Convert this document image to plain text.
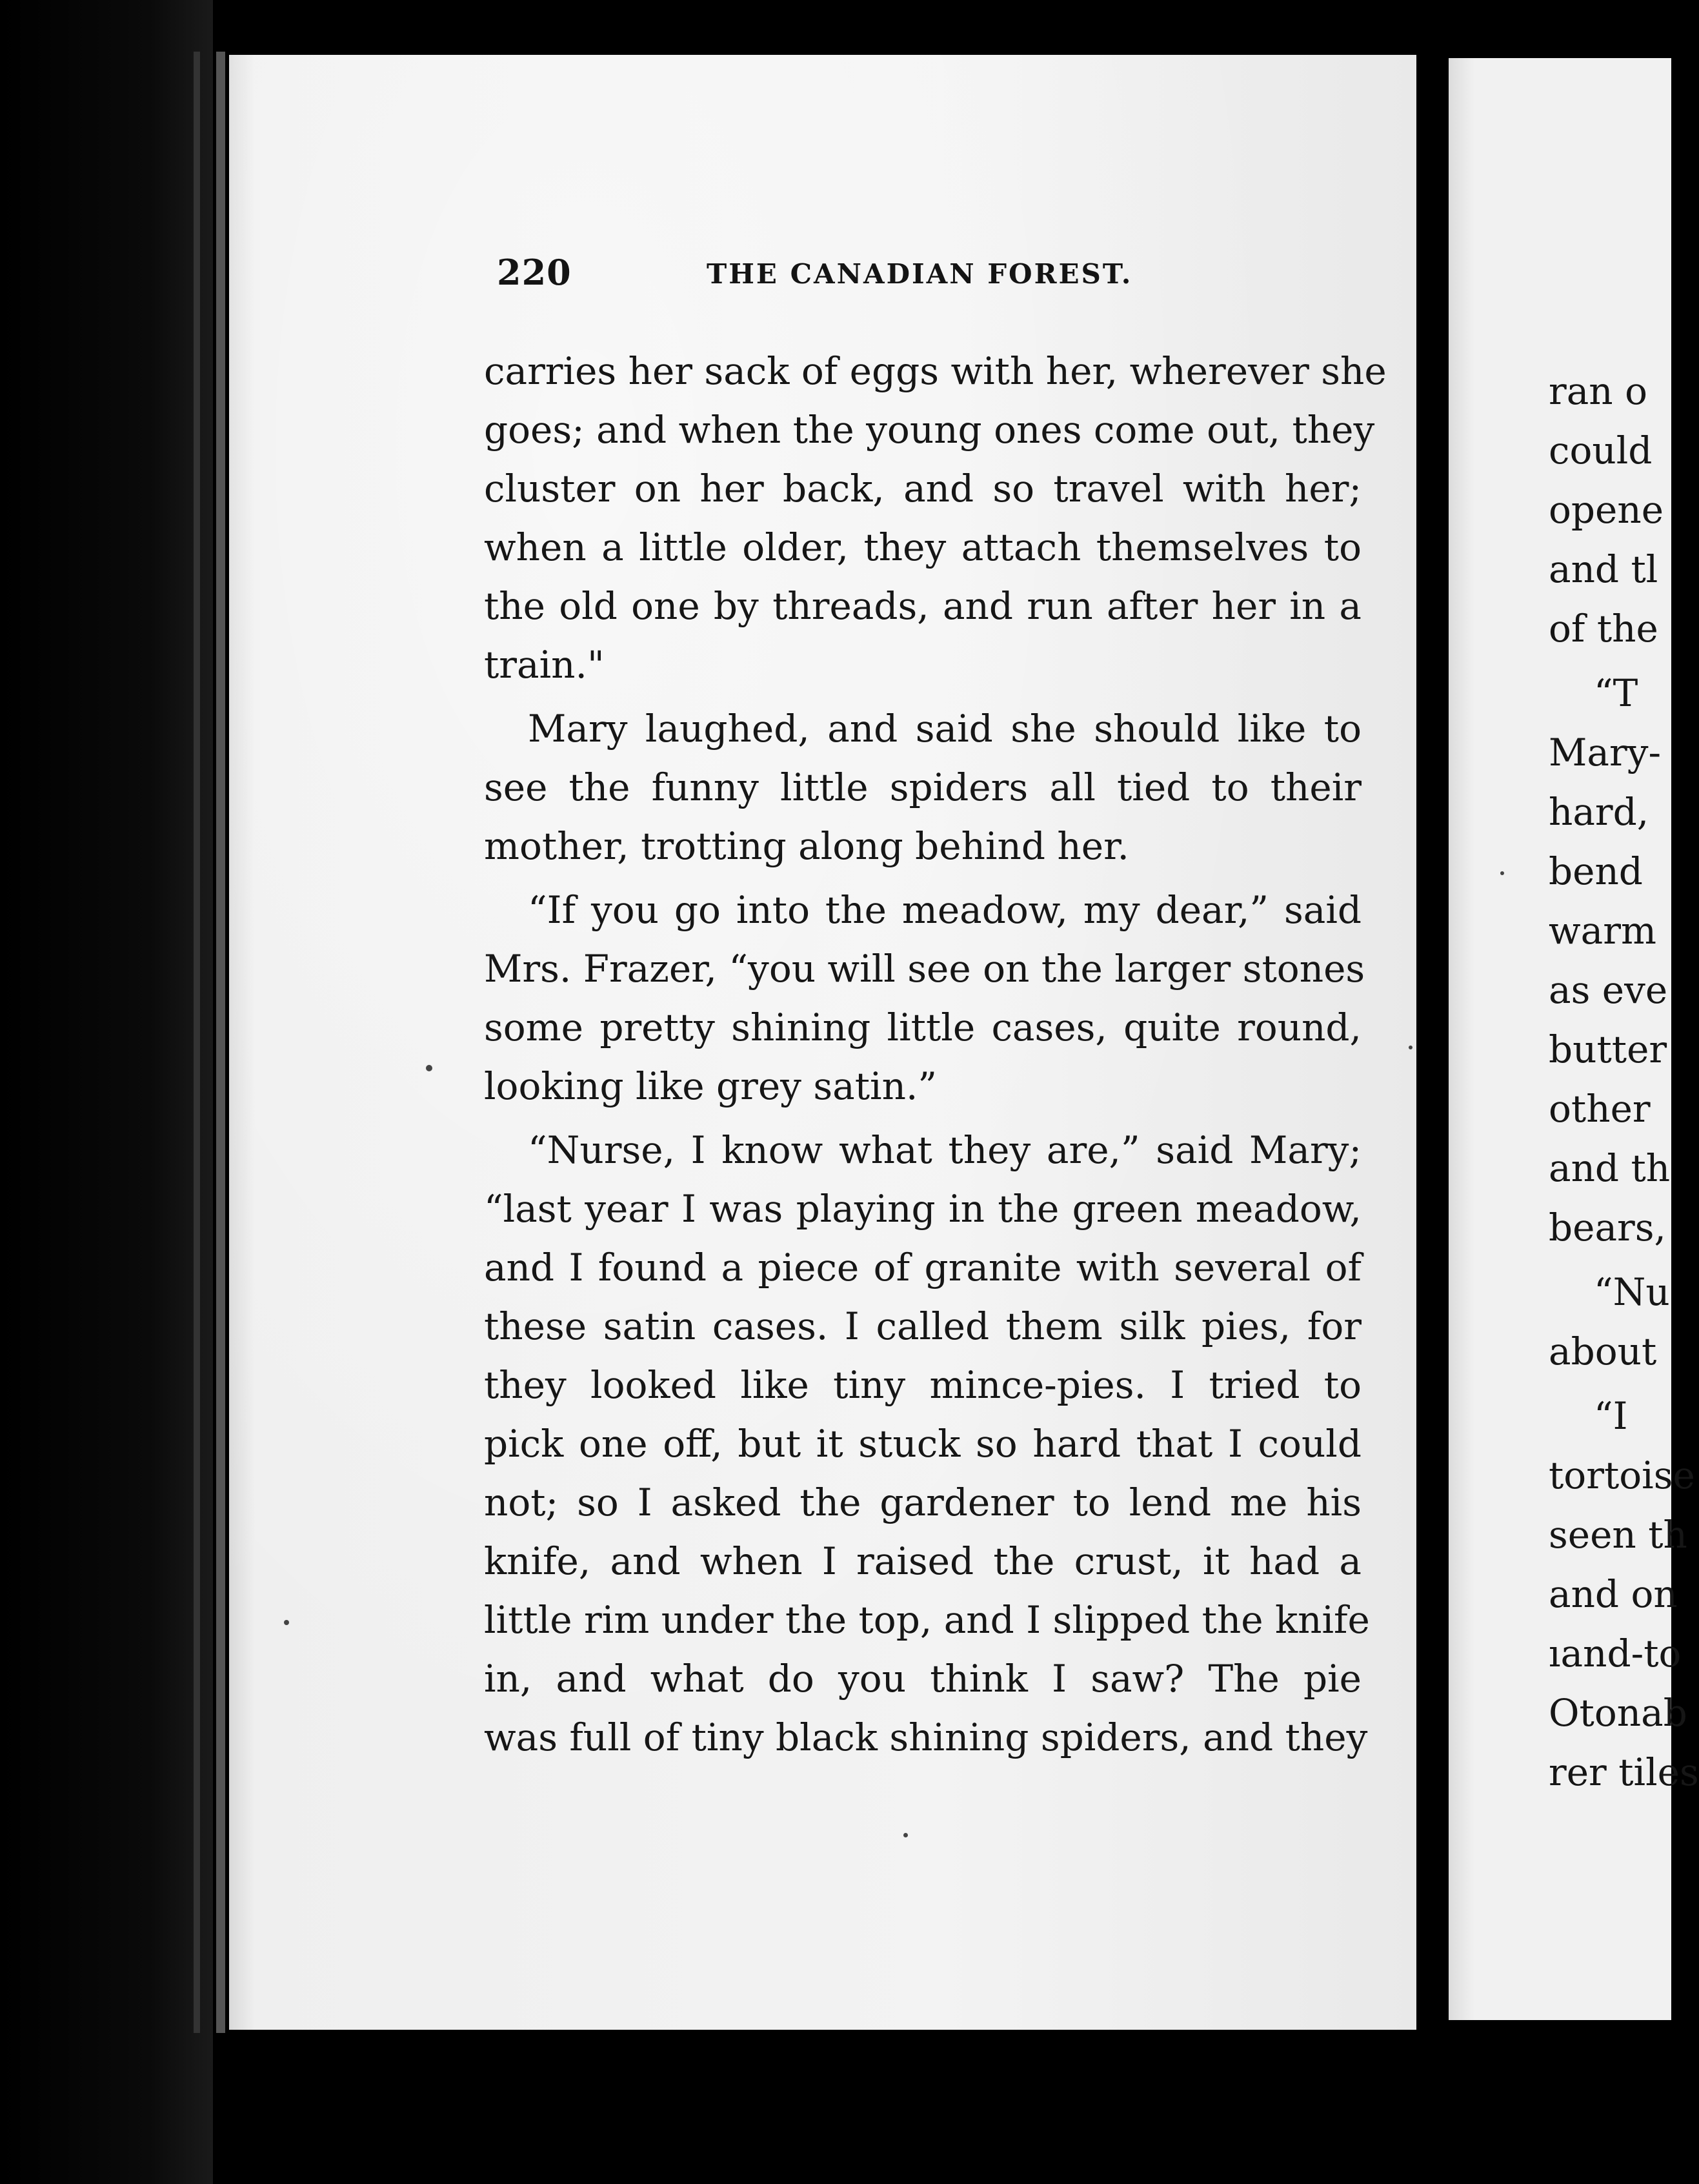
220	THE CANADIAN FOREST.
carries her sack of eggs with her, wherever she
goes; and when the young ones come out, they
cluster on her back, and so travel with her;
when a little older, they attach themselves to
the old one by threads, and run after her in a
train."
Mary laughed, and said she should like to
see the funny little spiders all tied to their
mother, trotting along behind her.
“If you go into the meadow, my dear,” said
Mrs. Frazer, “you will see on the larger stones
some pretty shining little cases, quite round,
looking like grey satin.”
“Nurse, I know what they are,” said Mary;
“last year I was playing in the green meadow,
and I found a piece of granite with several of
these satin cases. I called them silk pies, for
they looked like tiny mince-pies. I tried to
pick one off, but it stuck so hard that I could
not; so I asked the gardener to lend me his
knife, and when I raised the crust, it had a
little rim under the top, and I slipped the knife
in, and what do you think I saw? The pie
was full of tiny black shining spiders, and they
ran o
could
opene
and tl
of the
“T
Mary-
hard,
bend
warm
as eve
butter
other
and th
bears,
“Nu
about
“I
tortoise
seen th
and on
ıand-to
Otonab
rer tiles
